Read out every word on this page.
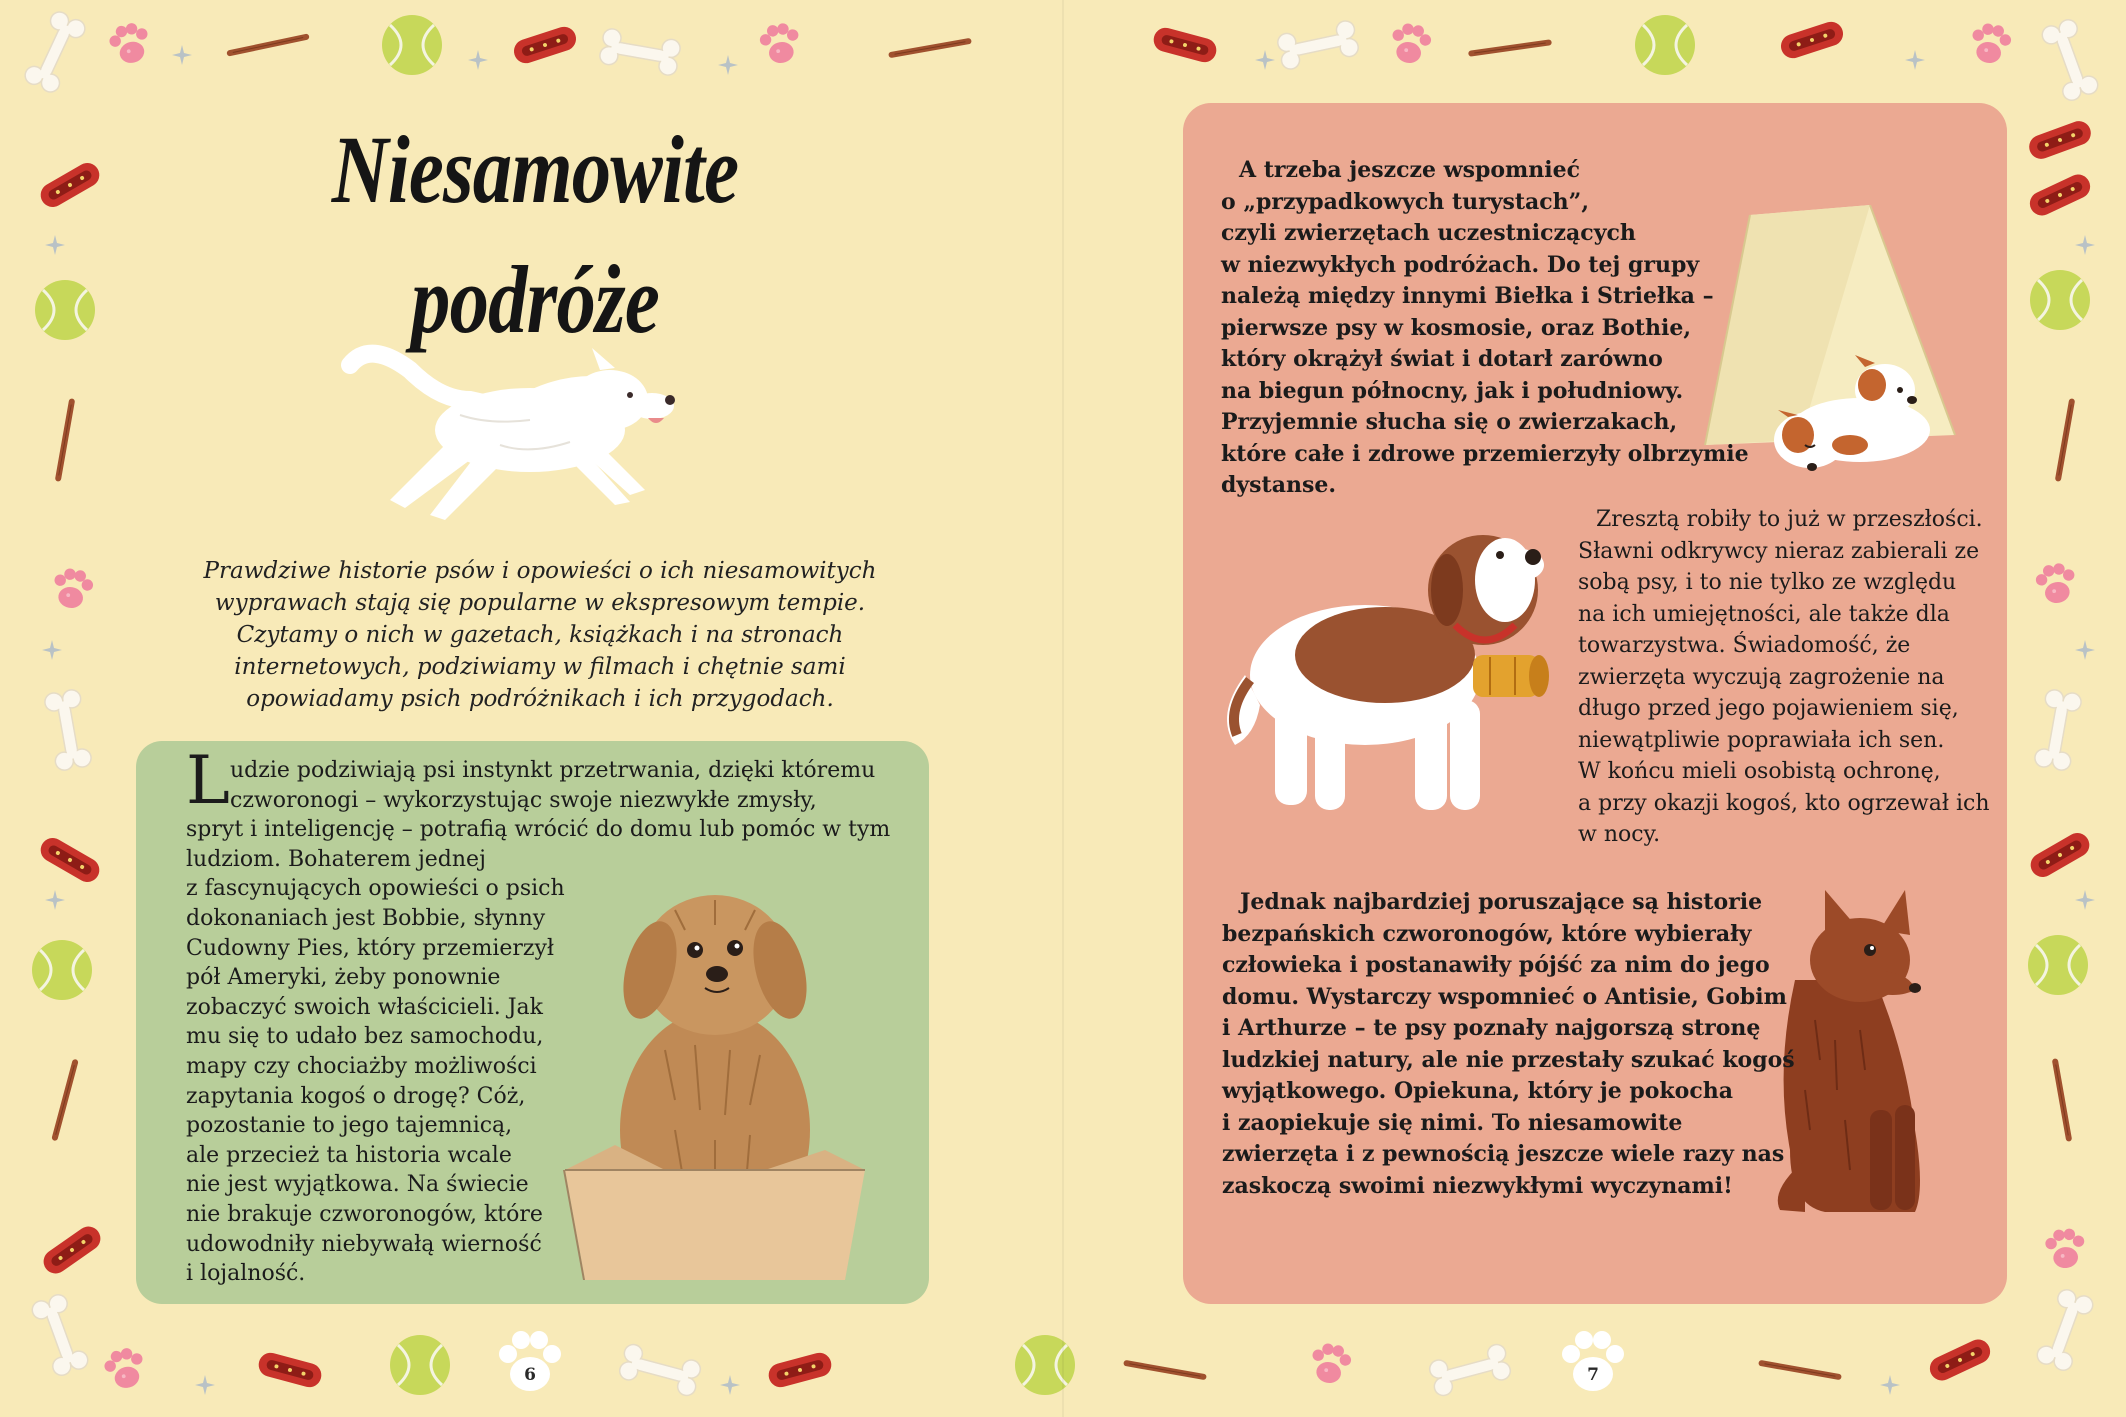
Niesamowite
podróże
Prawdziwe historie psów i opowieści o ich niesamowitych
wyprawach stają się popularne w ekspresowym tempie.
Czytamy o nich w gazetach, książkach i na stronach
internetowych, podziwiamy w filmach i chętnie sami
opowiadamy psich podróżnikach i ich przygodach.
L udzie podziwiają psi instynkt przetrwania, dzięki któremu
czworonogi – wykorzystując swoje niezwykłe zmysły,
spryt i inteligencję – potrafią wrócić do domu lub pomóc w tym
ludziom. Bohaterem jednej
z fascynujących opowieści o psich
dokonaniach jest Bobbie, słynny
Cudowny Pies, który przemierzył
pół Ameryki, żeby ponownie
zobaczyć swoich właścicieli. Jak
mu się to udało bez samochodu,
mapy czy chociażby możliwości
zapytania kogoś o drogę? Cóż,
pozostanie to jego tajemnicą,
ale przecież ta historia wcale
nie jest wyjątkowa. Na świecie
nie brakuje czworonogów, które
udowodniły niebywałą wierność
i lojalność.
A trzeba jeszcze wspomnieć
o „przypadkowych turystach”,
czyli zwierzętach uczestniczących
w niezwykłych podróżach. Do tej grupy
należą między innymi Biełka i Striełka –
pierwsze psy w kosmosie, oraz Bothie,
który okrążył świat i dotarł zarówno
na biegun północny, jak i południowy.
Przyjemnie słucha się o zwierzakach,
które całe i zdrowe przemierzyły olbrzymie
dystanse.
Zresztą robiły to już w przeszłości.
Sławni odkrywcy nieraz zabierali ze
sobą psy, i to nie tylko ze względu
na ich umiejętności, ale także dla
towarzystwa. Świadomość, że
zwierzęta wyczują zagrożenie na
długo przed jego pojawieniem się,
niewątpliwie poprawiała ich sen.
W końcu mieli osobistą ochronę,
a przy okazji kogoś, kto ogrzewał ich
w nocy.
Jednak najbardziej poruszające są historie
bezpańskich czworonogów, które wybierały
człowieka i postanawiły pójść za nim do jego
domu. Wystarczy wspomnieć o Antisie, Gobim
i Arthurze – te psy poznały najgorszą stronę
ludzkiej natury, ale nie przestały szukać kogoś
wyjątkowego. Opiekuna, który je pokocha
i zaopiekuje się nimi. To niesamowite
zwierzęta i z pewnością jeszcze wiele razy nas
zaskoczą swoimi niezwykłymi wyczynami!
6	7
